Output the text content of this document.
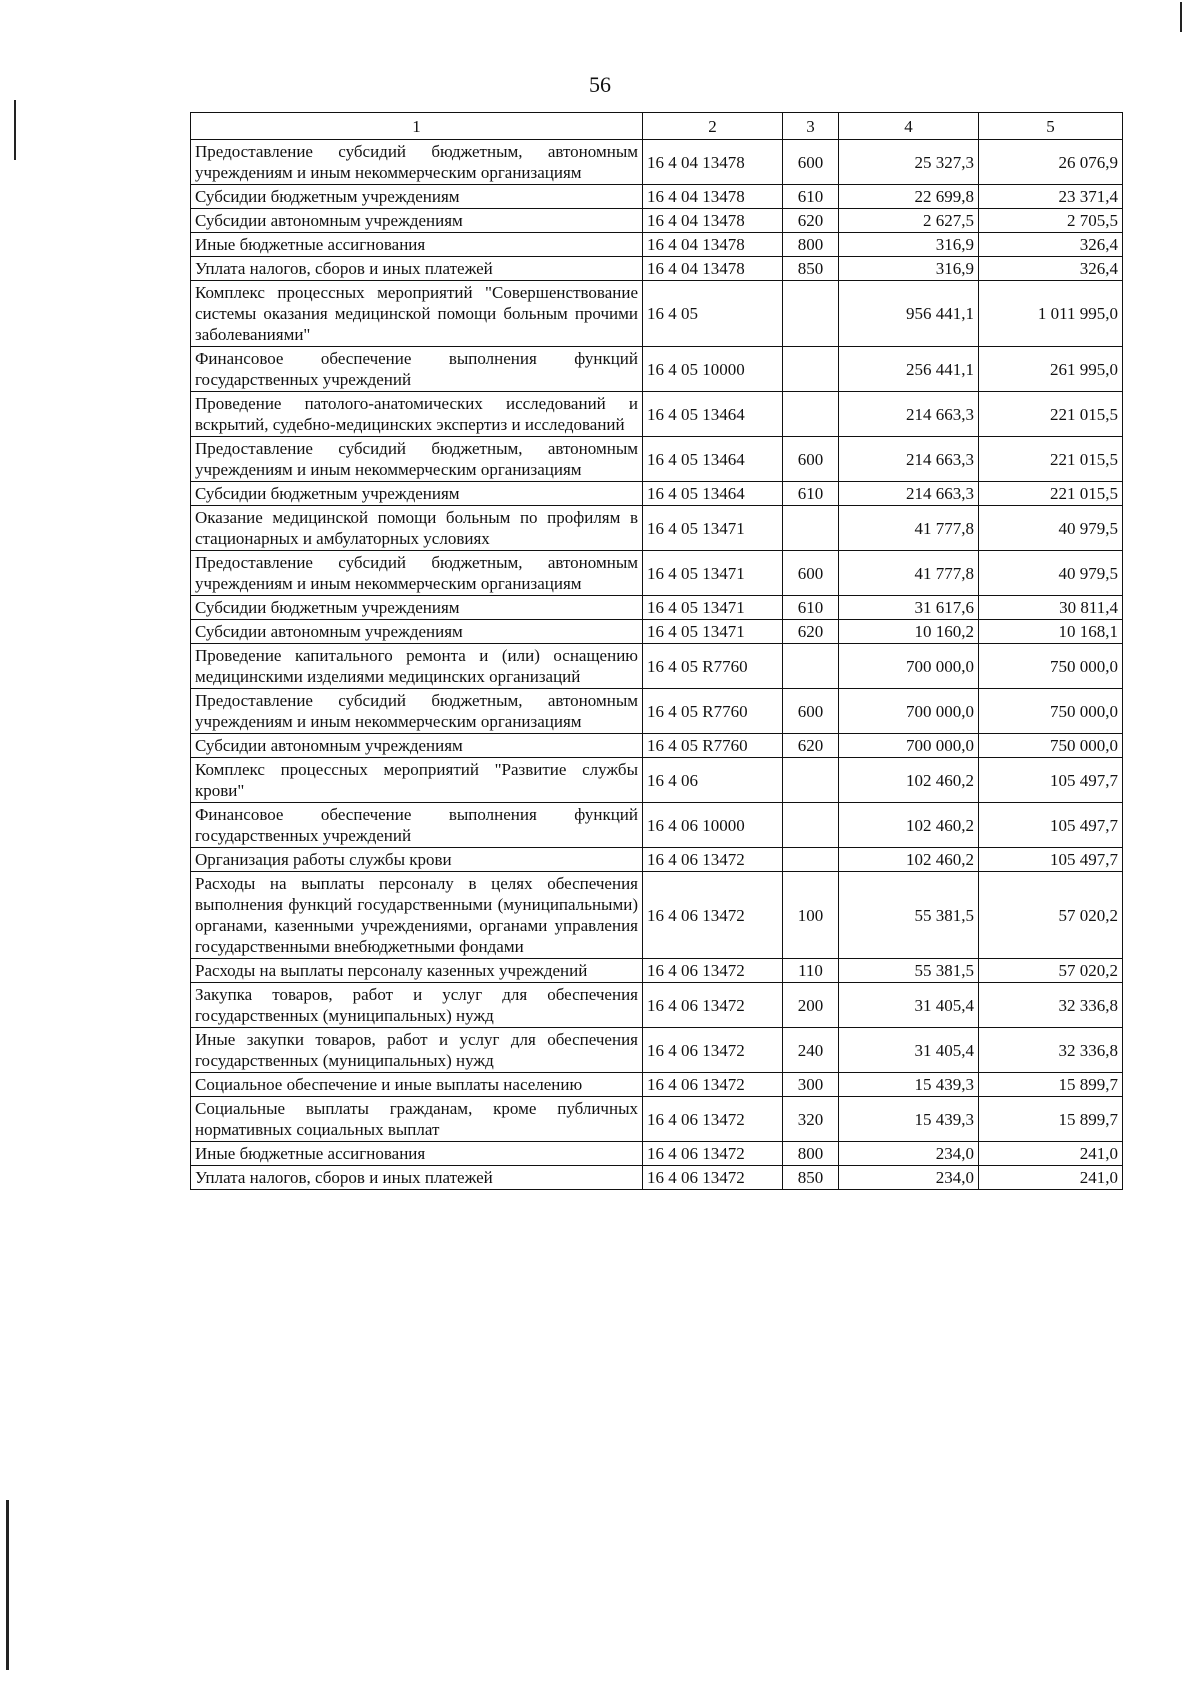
56
1	2	3	4	5
Предоставление субсидий бюджетным, автономным учреждениям и иным некоммерческим организациям	16 4 04 13478	600	25 327,3	26 076,9
Субсидии бюджетным учреждениям	16 4 04 13478	610	22 699,8	23 371,4
Субсидии автономным учреждениям	16 4 04 13478	620	2 627,5	2 705,5
Иные бюджетные ассигнования	16 4 04 13478	800	316,9	326,4
Уплата налогов, сборов и иных платежей	16 4 04 13478	850	316,9	326,4
Комплекс процессных мероприятий "Совершенствование системы оказания медицинской помощи больным прочими заболеваниями"	16 4 05		956 441,1	1 011 995,0
Финансовое обеспечение выполнения функций государственных учреждений	16 4 05 10000		256 441,1	261 995,0
Проведение патолого-анатомических исследований и вскрытий, судебно-медицинских экспертиз и исследований	16 4 05 13464		214 663,3	221 015,5
Предоставление субсидий бюджетным, автономным учреждениям и иным некоммерческим организациям	16 4 05 13464	600	214 663,3	221 015,5
Субсидии бюджетным учреждениям	16 4 05 13464	610	214 663,3	221 015,5
Оказание медицинской помощи больным по профилям в стационарных и амбулаторных условиях	16 4 05 13471		41 777,8	40 979,5
Предоставление субсидий бюджетным, автономным учреждениям и иным некоммерческим организациям	16 4 05 13471	600	41 777,8	40 979,5
Субсидии бюджетным учреждениям	16 4 05 13471	610	31 617,6	30 811,4
Субсидии автономным учреждениям	16 4 05 13471	620	10 160,2	10 168,1
Проведение капитального ремонта и (или) оснащению медицинскими изделиями медицинских организаций	16 4 05 R7760		700 000,0	750 000,0
Предоставление субсидий бюджетным, автономным учреждениям и иным некоммерческим организациям	16 4 05 R7760	600	700 000,0	750 000,0
Субсидии автономным учреждениям	16 4 05 R7760	620	700 000,0	750 000,0
Комплекс процессных мероприятий "Развитие службы крови"	16 4 06		102 460,2	105 497,7
Финансовое обеспечение выполнения функций государственных учреждений	16 4 06 10000		102 460,2	105 497,7
Организация работы службы крови	16 4 06 13472		102 460,2	105 497,7
Расходы на выплаты персоналу в целях обеспечения выполнения функций государственными (муниципальными) органами, казенными учреждениями, органами управления государственными внебюджетными фондами	16 4 06 13472	100	55 381,5	57 020,2
Расходы на выплаты персоналу казенных учреждений	16 4 06 13472	110	55 381,5	57 020,2
Закупка товаров, работ и услуг для обеспечения государственных (муниципальных) нужд	16 4 06 13472	200	31 405,4	32 336,8
Иные закупки товаров, работ и услуг для обеспечения государственных (муниципальных) нужд	16 4 06 13472	240	31 405,4	32 336,8
Социальное обеспечение и иные выплаты населению	16 4 06 13472	300	15 439,3	15 899,7
Социальные выплаты гражданам, кроме публичных нормативных социальных выплат	16 4 06 13472	320	15 439,3	15 899,7
Иные бюджетные ассигнования	16 4 06 13472	800	234,0	241,0
Уплата налогов, сборов и иных платежей	16 4 06 13472	850	234,0	241,0
